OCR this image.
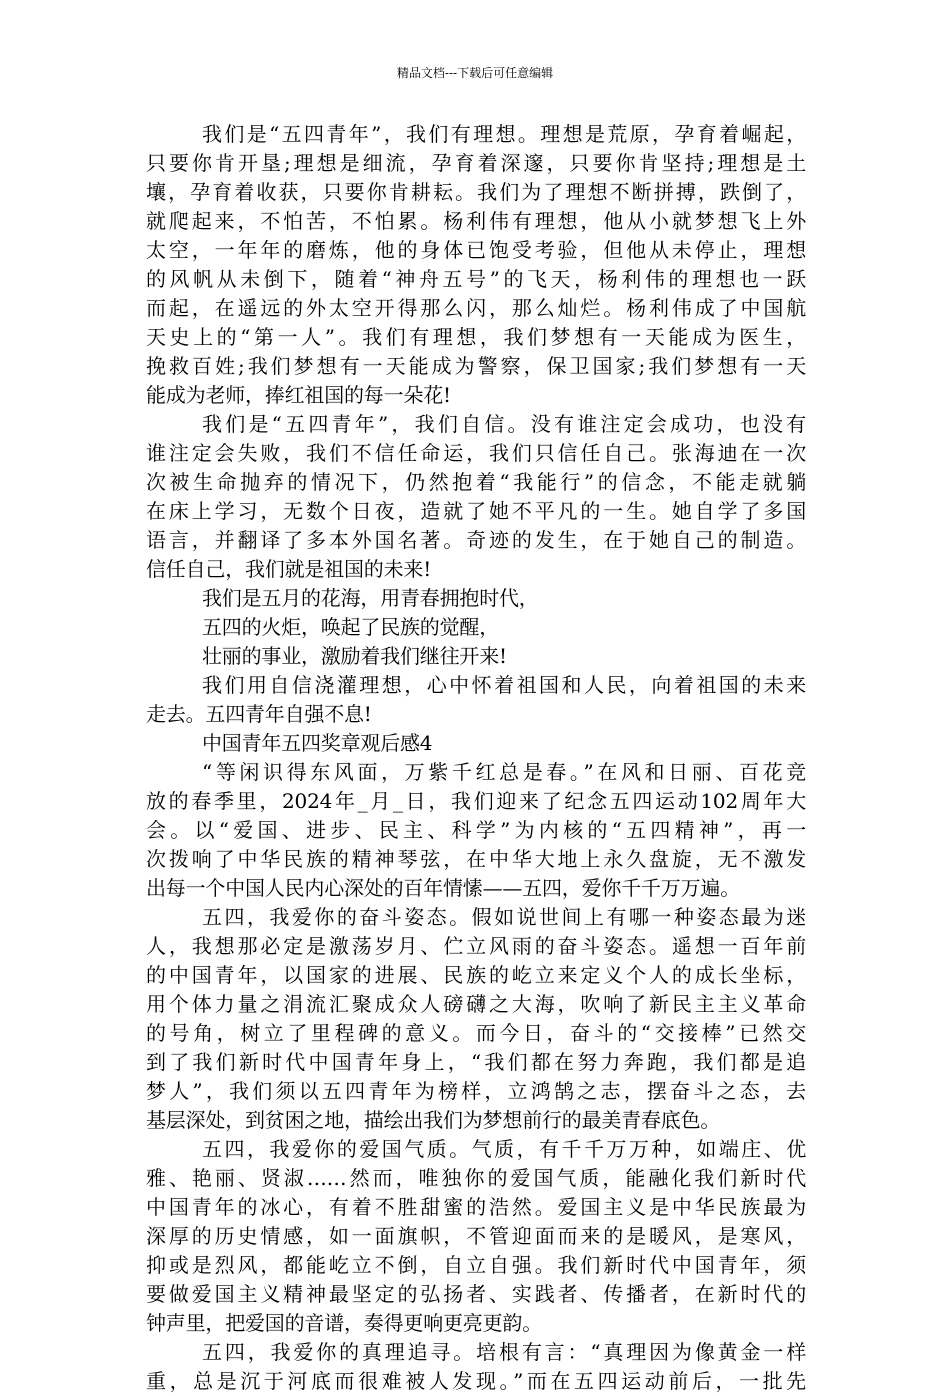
精品文档---下载后可任意编辑
我们是“五四青年”，我们有理想。理想是荒原，孕育着崛起，
只要你肯开垦;理想是细流，孕育着深邃，只要你肯坚持;理想是土
壤，孕育着收获，只要你肯耕耘。我们为了理想不断拼搏，跌倒了，
就爬起来，不怕苦，不怕累。杨利伟有理想，他从小就梦想飞上外
太空，一年年的磨炼，他的身体已饱受考验，但他从未停止，理想
的风帆从未倒下，随着“神舟五号”的飞天，杨利伟的理想也一跃
而起，在遥远的外太空开得那么闪，那么灿烂。杨利伟成了中国航
天史上的“第一人”。我们有理想，我们梦想有一天能成为医生，
挽救百姓;我们梦想有一天能成为警察，保卫国家;我们梦想有一天
能成为老师，捧红祖国的每一朵花!
我们是“五四青年”，我们自信。没有谁注定会成功，也没有
谁注定会失败，我们不信任命运，我们只信任自己。张海迪在一次
次被生命抛弃的情况下，仍然抱着“我能行”的信念，不能走就躺
在床上学习，无数个日夜，造就了她不平凡的一生。她自学了多国
语言，并翻译了多本外国名著。奇迹的发生，在于她自己的制造。
信任自己，我们就是祖国的未来!
我们是五月的花海，用青春拥抱时代，
五四的火炬，唤起了民族的觉醒，
壮丽的事业，激励着我们继往开来!
我们用自信浇灌理想，心中怀着祖国和人民，向着祖国的未来
走去。五四青年自强不息!
中国青年五四奖章观后感4
“等闲识得东风面，万紫千红总是春。”在风和日丽、百花竞
放的春季里，2024年_月_日，我们迎来了纪念五四运动102周年大
会。以“爱国、进步、民主、科学”为内核的“五四精神”，再一
次拨响了中华民族的精神琴弦，在中华大地上永久盘旋，无不激发
出每一个中国人民内心深处的百年情愫——五四，爱你千千万万遍。
五四，我爱你的奋斗姿态。假如说世间上有哪一种姿态最为迷
人，我想那必定是激荡岁月、伫立风雨的奋斗姿态。遥想一百年前
的中国青年，以国家的进展、民族的屹立来定义个人的成长坐标，
用个体力量之涓流汇聚成众人磅礴之大海，吹响了新民主主义革命
的号角，树立了里程碑的意义。而今日，奋斗的“交接棒”已然交
到了我们新时代中国青年身上，“我们都在努力奔跑，我们都是追
梦人”，我们须以五四青年为榜样，立鸿鹄之志，摆奋斗之态，去
基层深处，到贫困之地，描绘出我们为梦想前行的最美青春底色。
五四，我爱你的爱国气质。气质，有千千万万种，如端庄、优
雅、艳丽、贤淑……然而，唯独你的爱国气质，能融化我们新时代
中国青年的冰心，有着不胜甜蜜的浩然。爱国主义是中华民族最为
深厚的历史情感，如一面旗帜，不管迎面而来的是暖风，是寒风，
抑或是烈风，都能屹立不倒，自立自强。我们新时代中国青年，须
要做爱国主义精神最坚定的弘扬者、实践者、传播者，在新时代的
钟声里，把爱国的音谱，奏得更响更亮更韵。
五四，我爱你的真理追寻。培根有言：“真理因为像黄金一样
重，总是沉于河底而很难被人发现。”而在五四运动前后，一批先
